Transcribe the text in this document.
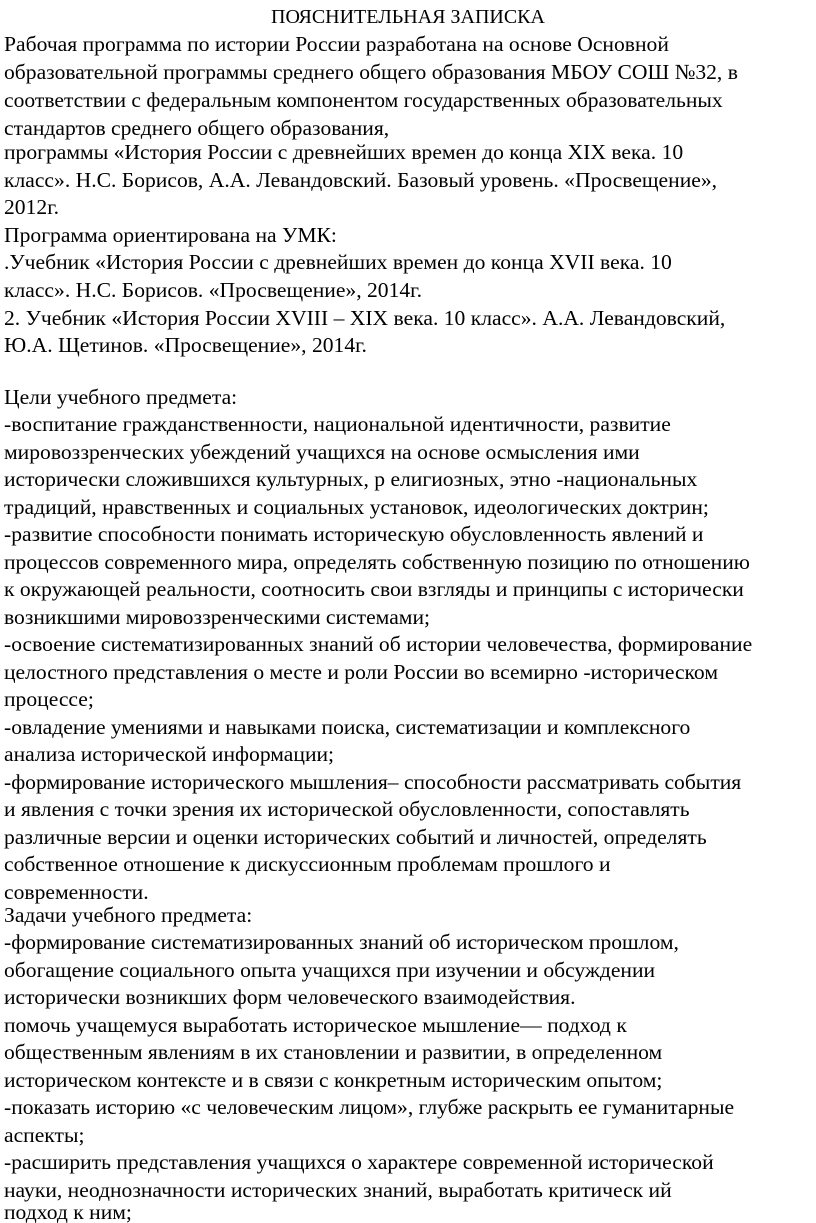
ПОЯСНИТЕЛЬНАЯ ЗАПИСКА
Рабочая программа по истории России разработана на основе Основной
образовательной программы среднего общего образования МБОУ СОШ №32, в
соответствии с федеральным компонентом государственных образовательных
стандартов среднего общего образования,
программы «История России с древнейших времен до конца XIX века. 10
класс». Н.С. Борисов, А.А. Левандовский. Базовый уровень. «Просвещение»,
2012г.
Программа ориентирована на УМК:
.Учебник «История России с древнейших времен до конца XVII века. 10
класс». Н.С. Борисов. «Просвещение», 2014г.
2. Учебник «История России XVIII – XIX века. 10 класс». А.А. Левандовский,
Ю.А. Щетинов. «Просвещение», 2014г.
Цели учебного предмета:
-воспитание гражданственности, национальной идентичности, развитие
мировоззренческих убеждений учащихся на основе осмысления ими
исторически сложившихся культурных, р елигиозных, этно -национальных
традиций, нравственных и социальных установок, идеологических доктрин;
-развитие способности понимать историческую обусловленность явлений и
процессов современного мира, определять собственную позицию по отношению
к окружающей реальности, соотносить свои взгляды и принципы с исторически
возникшими мировоззренческими системами;
-освоение систематизированных знаний об истории человечества, формирование
целостного представления о месте и роли России во всемирно -историческом
процессе;
-овладение умениями и навыками поиска, систематизации и комплексного
анализа исторической информации;
-формирование исторического мышления– способности рассматривать события
и явления с точки зрения их исторической обусловленности, сопоставлять
различные версии и оценки исторических событий и личностей, определять
собственное отношение к дискуссионным проблемам прошлого и
современности.
Задачи учебного предмета:
-формирование систематизированных знаний об историческом прошлом,
обогащение социального опыта учащихся при изучении и обсуждении
исторически возникших форм человеческого взаимодействия.
помочь учащемуся выработать историческое мышление— подход к
общественным явлениям в их становлении и развитии, в определенном
историческом контексте и в связи с конкретным историческим опытом;
-показать историю «с человеческим лицом», глубже раскрыть ее гуманитарные
аспекты;
-расширить представления учащихся о характере современной исторической
науки, неоднозначности исторических знаний, выработать критическ ий
подход к ним;
